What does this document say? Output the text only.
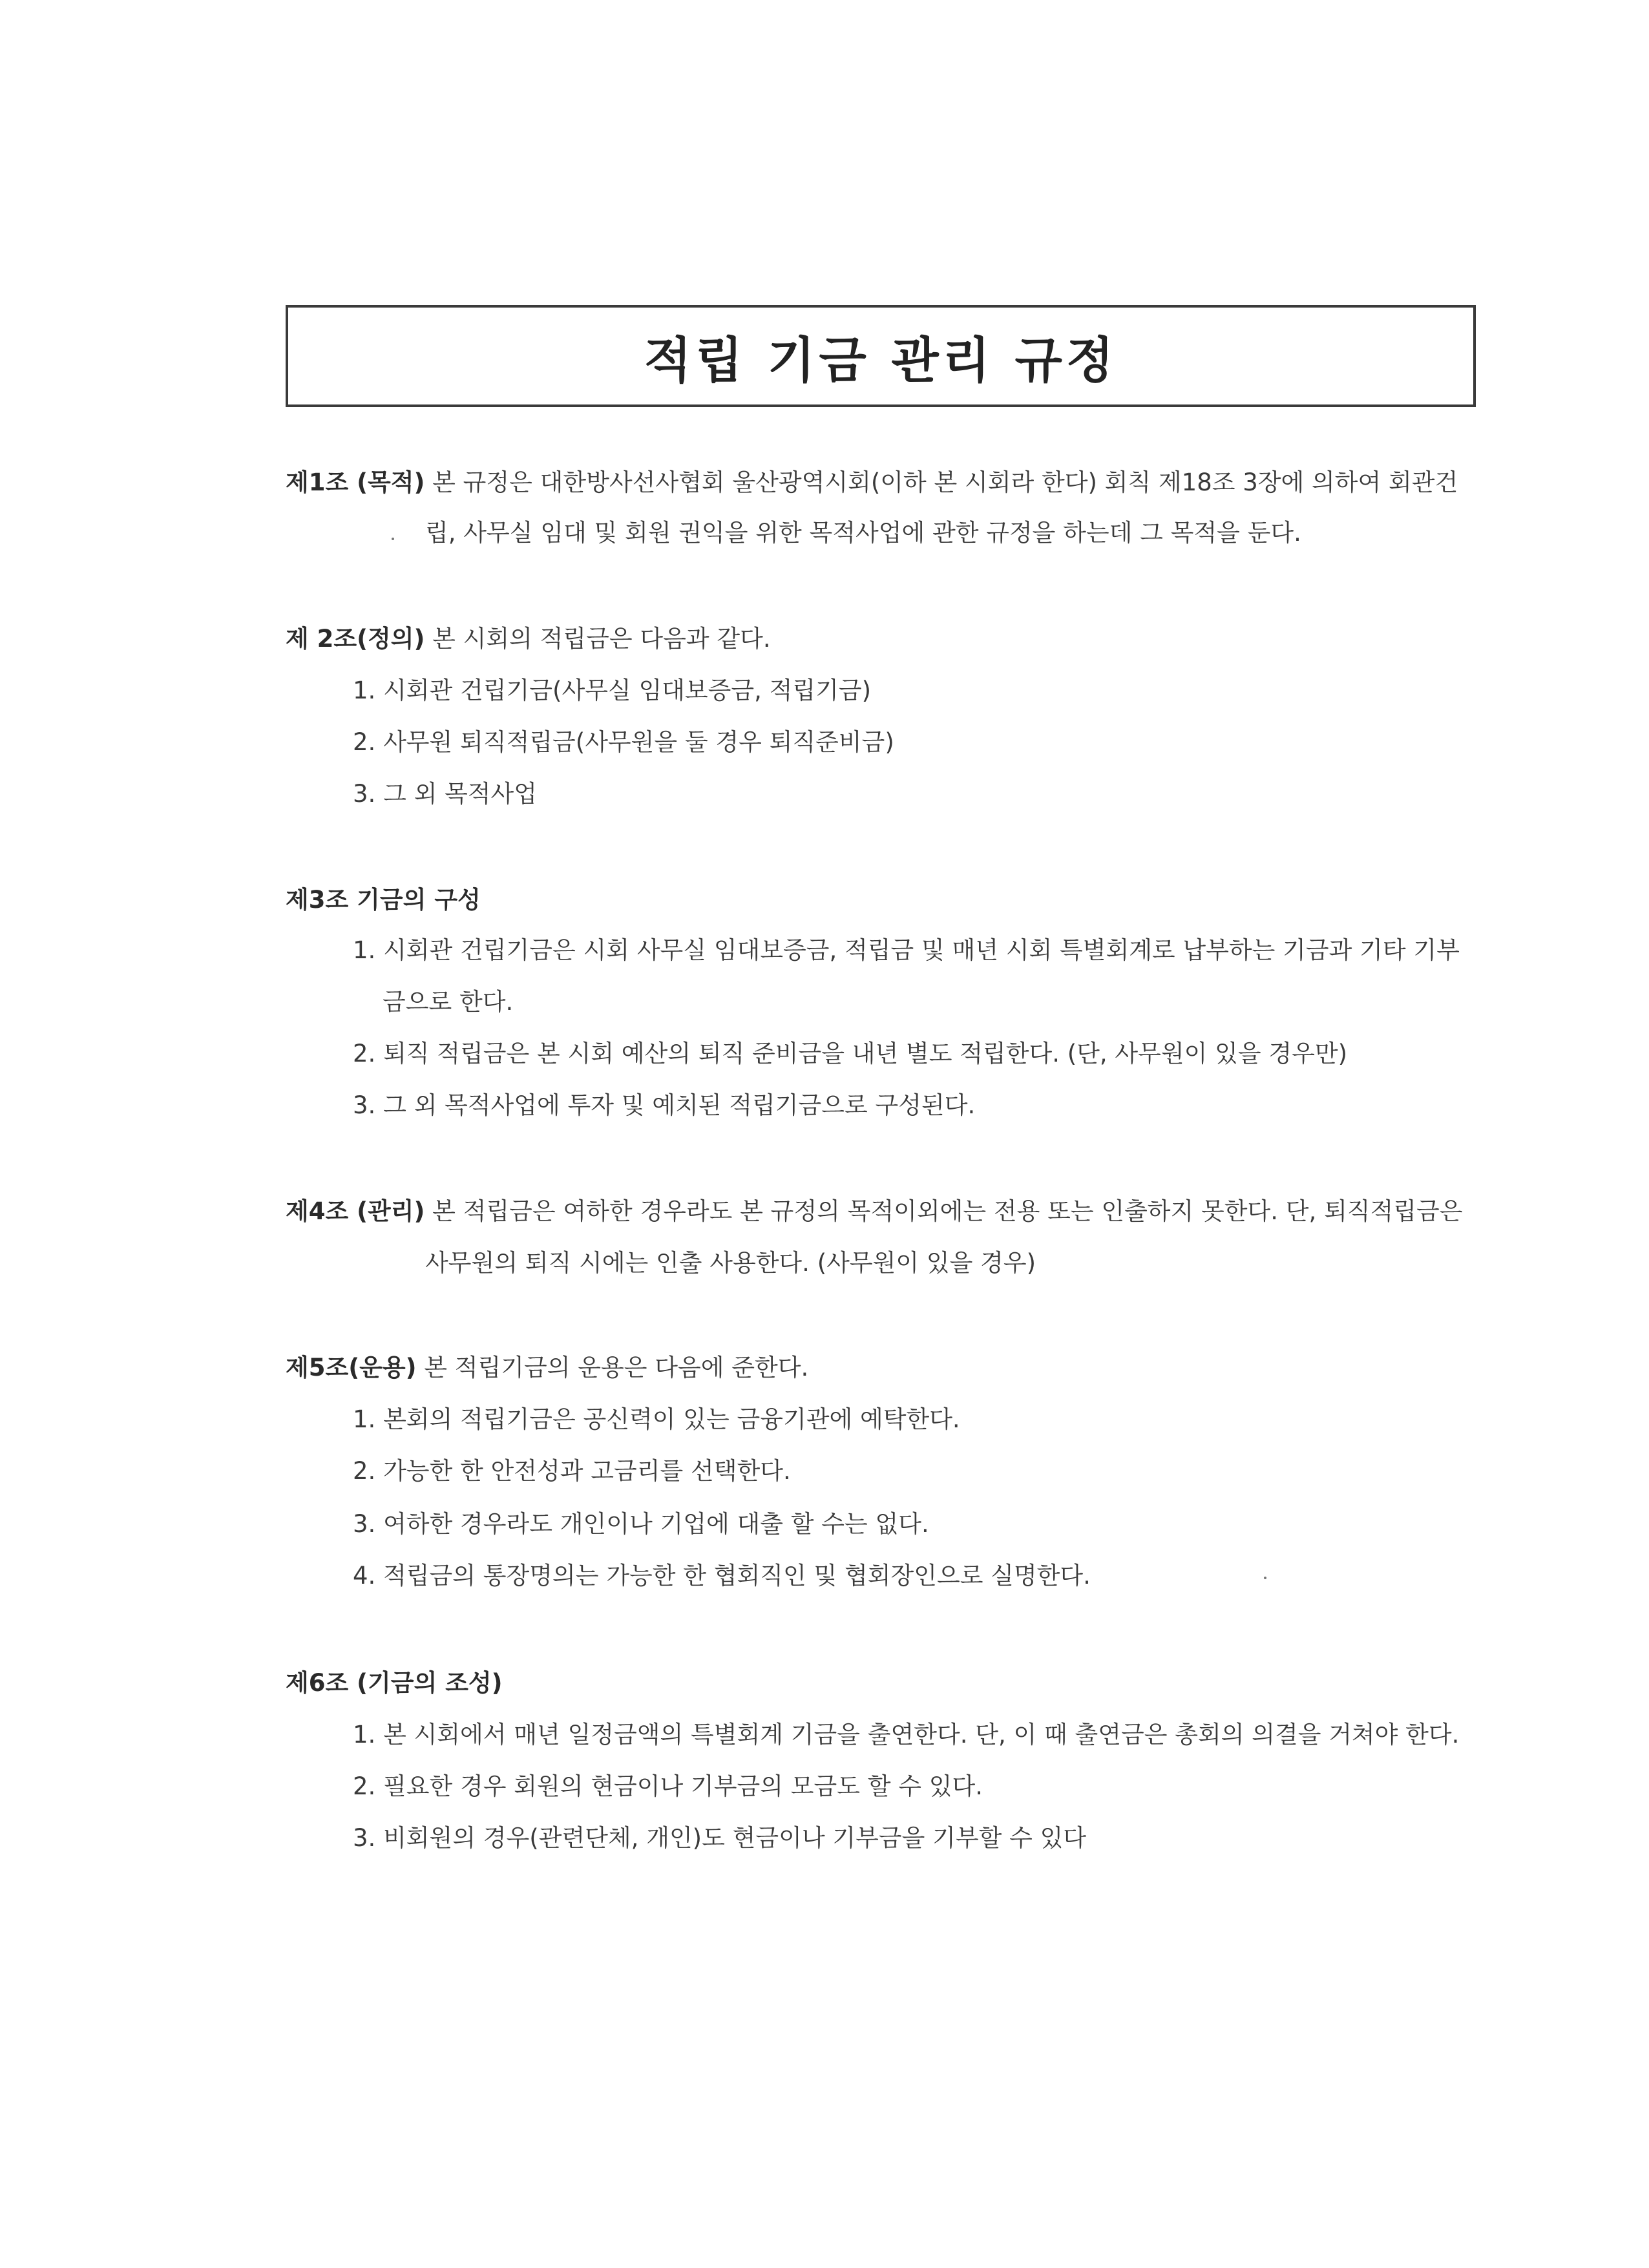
적립 기금 관리 규정
제1조 (목적) 본 규정은 대한방사선사협회 울산광역시회(이하 본 시회라 한다) 회칙 제18조 3장에 의하여 회관건
립, 사무실 임대 및 회원 권익을 위한 목적사업에 관한 규정을 하는데 그 목적을 둔다.
제 2조(정의) 본 시회의 적립금은 다음과 같다.
1. 시회관 건립기금(사무실 임대보증금, 적립기금)
2. 사무원 퇴직적립금(사무원을 둘 경우 퇴직준비금)
3. 그 외 목적사업
제3조 기금의 구성
1. 시회관 건립기금은 시회 사무실 임대보증금, 적립금 및 매년 시회 특별회계로 납부하는 기금과 기타 기부
금으로 한다.
2. 퇴직 적립금은 본 시회 예산의 퇴직 준비금을 내년 별도 적립한다. (단, 사무원이 있을 경우만)
3. 그 외 목적사업에 투자 및 예치된 적립기금으로 구성된다.
제4조 (관리) 본 적립금은 여하한 경우라도 본 규정의 목적이외에는 전용 또는 인출하지 못한다. 단, 퇴직적립금은
사무원의 퇴직 시에는 인출 사용한다. (사무원이 있을 경우)
제5조(운용) 본 적립기금의 운용은 다음에 준한다.
1. 본회의 적립기금은 공신력이 있는 금융기관에 예탁한다.
2. 가능한 한 안전성과 고금리를 선택한다.
3. 여하한 경우라도 개인이나 기업에 대출 할 수는 없다.
4. 적립금의 통장명의는 가능한 한 협회직인 및 협회장인으로 실명한다.
제6조 (기금의 조성)
1. 본 시회에서 매년 일정금액의 특별회계 기금을 출연한다. 단, 이 때 출연금은 총회의 의결을 거쳐야 한다.
2. 필요한 경우 회원의 현금이나 기부금의 모금도 할 수 있다.
3. 비회원의 경우(관련단체, 개인)도 현금이나 기부금을 기부할 수 있다
